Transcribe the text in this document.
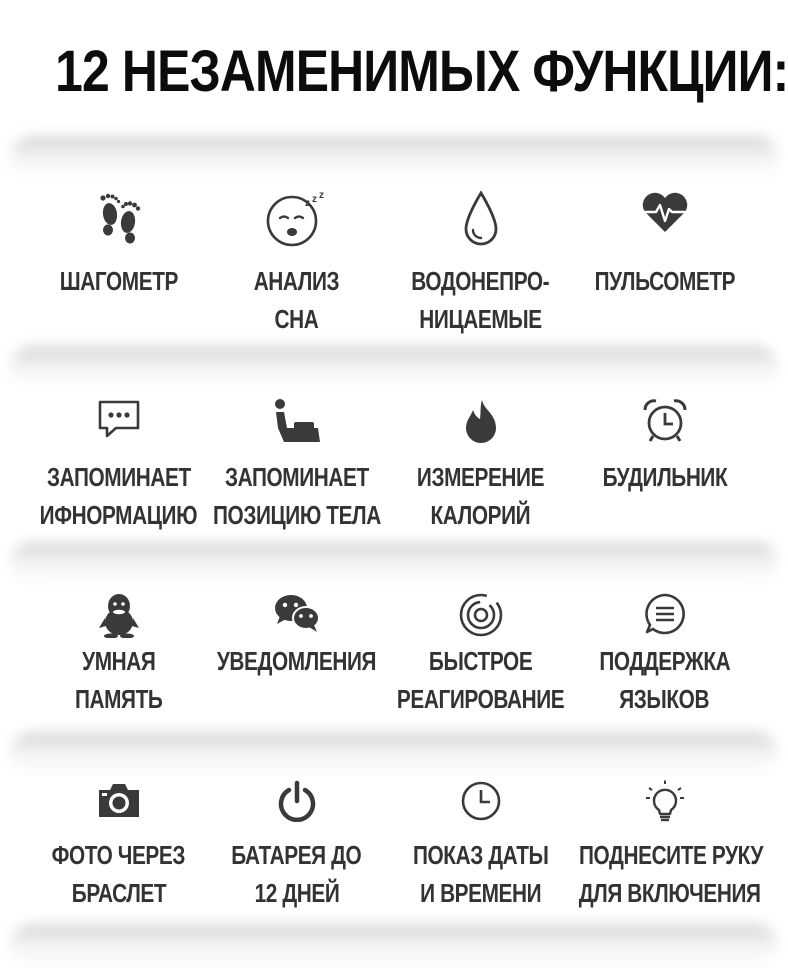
12 НЕЗАМЕНИМЫХ ФУНКЦИИ:
ШАГОМЕТР
z z z
АНАЛИЗ
СНА
ВОДОНЕПРО-
НИЦАЕМЫЕ
ПУЛЬСОМЕТР
ЗАПОМИНАЕТ
ИФНОРМАЦИЮ
ЗАПОМИНАЕТ
ПОЗИЦИЮ ТЕЛА
ИЗМЕРЕНИЕ
КАЛОРИЙ
БУДИЛЬНИК
УМНАЯ
ПАМЯТЬ
УВЕДОМЛЕНИЯ	БЫСТРОЕ
РЕАГИРОВАНИЕ
ПОДДЕРЖКА
ЯЗЫКОВ
ФОТО ЧЕРЕЗ
БРАСЛЕТ
БАТАРЕЯ ДО
12 ДНЕЙ
ПОКАЗ ДАТЫ
И ВРЕМЕНИ
ПОДНЕСИТЕ РУКУ
ДЛЯ ВКЛЮЧЕНИЯ
